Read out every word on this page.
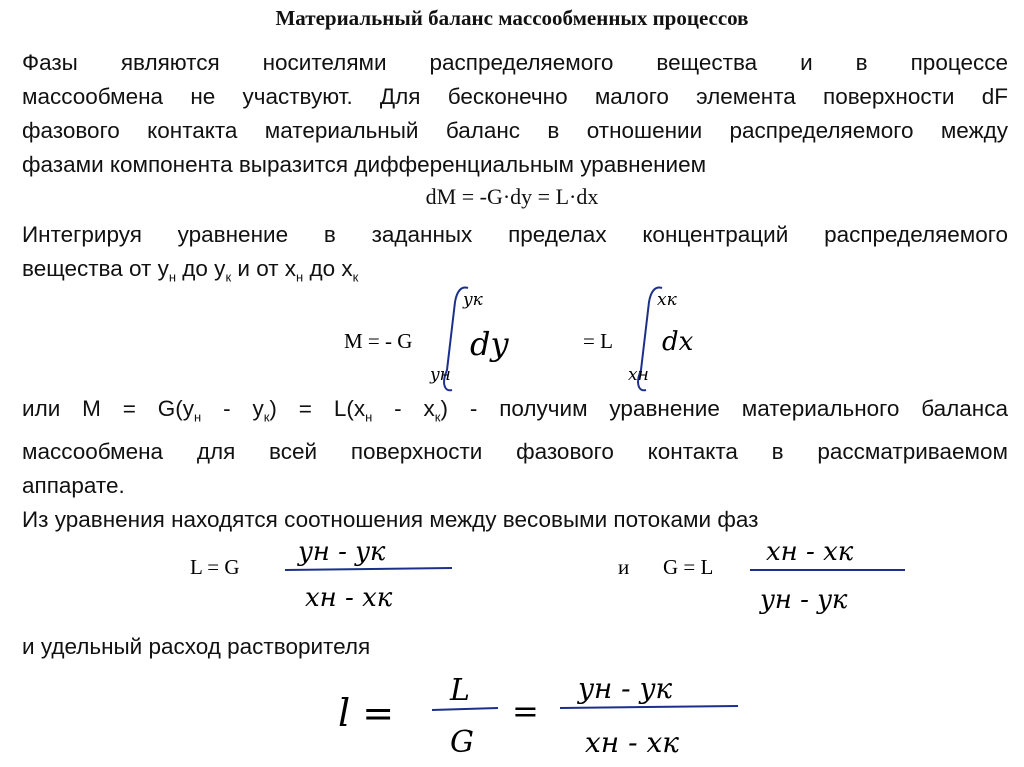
Материальный баланс массообменных процессов
Фазы являются носителями распределяемого вещества и в процессе
массообмена не участвуют. Для бесконечно малого элемента поверхности dF
фазового контакта материальный баланс в отношении распределяемого между
фазами компонента выразится дифференциальным уравнением
dM = -G·dy = L·dx
Интегрируя уравнение в заданных пределах концентраций распределяемого
вещества от $y_н$ до $y_к$ и от $x_н$ до $x_к$
M = - G
yк
yн
dy	= L
xк
xн
dx
или $M = G(y_н - y_к) = L(x_н - x_к)$ - получим уравнение материального баланса
массообмена для всей поверхности фазового контакта в рассматриваемом
аппарате.
Из уравнения находятся соотношения между весовыми потоками фаз
L = G yн - yк
xн - xк
и G = L xн - xк
yн - yк
и удельный расход растворителя
l =
L
G
=
yн - yк
xн - xк
